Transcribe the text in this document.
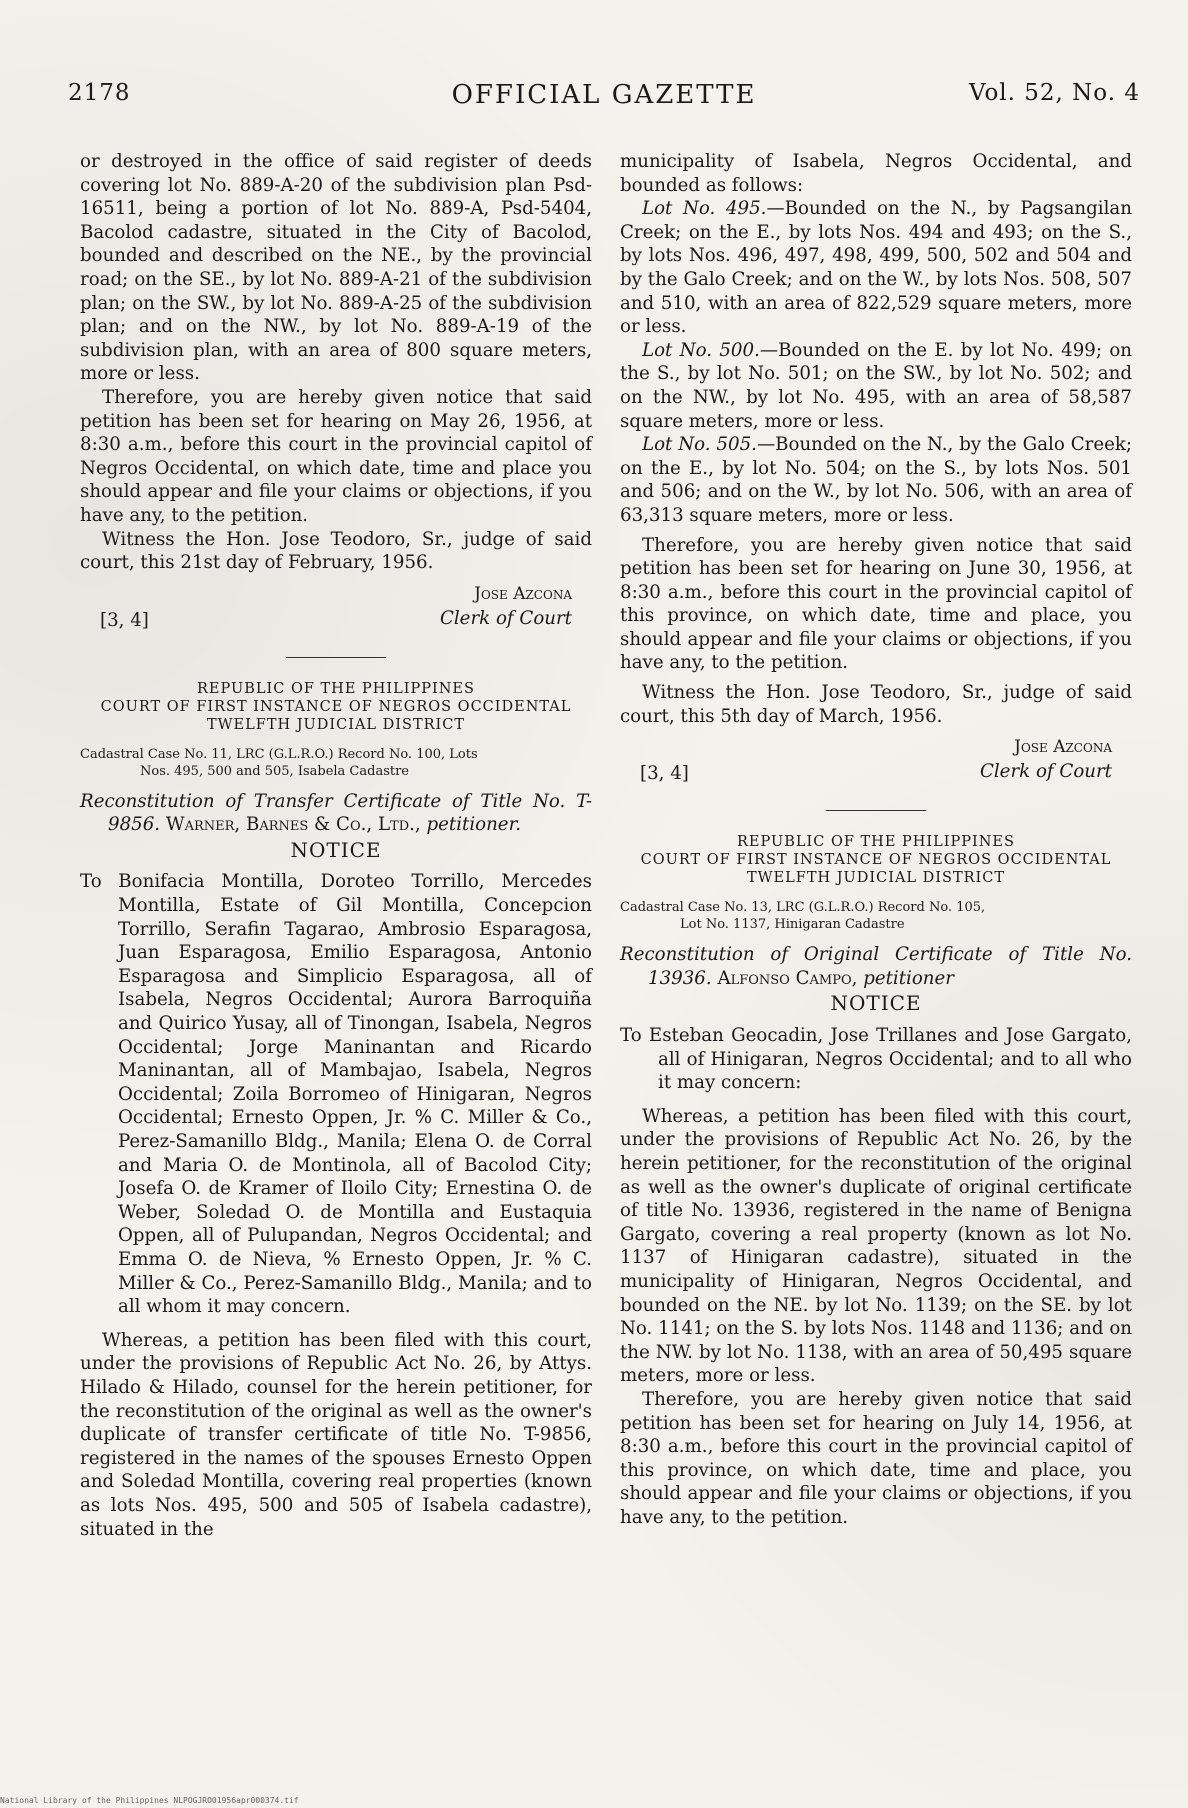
2178	OFFICIAL GAZETTE	Vol. 52, No. 4

or destroyed in the office of said register of deeds covering lot No. 889-A-20 of the subdivision plan Psd-16511, being a portion of lot No. 889-A, Psd-5404, Bacolod cadastre, situated in the City of Bacolod, bounded and described on the NE., by the provincial road; on the SE., by lot No. 889-A-21 of the subdivision plan; on the SW., by lot No. 889-A-25 of the subdivision plan; and on the NW., by lot No. 889-A-19 of the subdivision plan, with an area of 800 square meters, more or less.

Therefore, you are hereby given notice that said petition has been set for hearing on May 26, 1956, at 8:30 a.m., before this court in the provincial capitol of Negros Occidental, on which date, time and place you should appear and file your claims or objections, if you have any, to the petition.

Witness the Hon. Jose Teodoro, Sr., judge of said court, this 21st day of February, 1956.

Jose Azcona
Clerk of Court
[3, 4]
REPUBLIC OF THE PHILIPPINES
COURT OF FIRST INSTANCE OF NEGROS OCCIDENTAL
TWELFTH JUDICIAL DISTRICT
Cadastral Case No. 11, LRC (G.L.R.O.) Record No. 100, Lots
Nos. 495, 500 and 505, Isabela Cadastre

Reconstitution of Transfer Certificate of Title No. T-9856. Warner, Barnes & Co., Ltd., petitioner.

NOTICE

To Bonifacia Montilla, Doroteo Torrillo, Mercedes Montilla, Estate of Gil Montilla, Concepcion Torrillo, Serafin Tagarao, Ambrosio Esparagosa, Juan Esparagosa, Emilio Esparagosa, Antonio Esparagosa and Simplicio Esparagosa, all of Isabela, Negros Occidental; Aurora Barroquiña and Quirico Yusay, all of Tinongan, Isabela, Negros Occidental; Jorge Maninantan and Ricardo Maninantan, all of Mambajao, Isabela, Negros Occidental; Zoila Borromeo of Hinigaran, Negros Occidental; Ernesto Oppen, Jr. % C. Miller & Co., Perez-Samanillo Bldg., Manila; Elena O. de Corral and Maria O. de Montinola, all of Bacolod City; Josefa O. de Kramer of Iloilo City; Ernestina O. de Weber, Soledad O. de Montilla and Eustaquia Oppen, all of Pulupandan, Negros Occidental; and Emma O. de Nieva, % Ernesto Oppen, Jr. % C. Miller & Co., Perez-Samanillo Bldg., Manila; and to all whom it may concern.

Whereas, a petition has been filed with this court, under the provisions of Republic Act No. 26, by Attys. Hilado & Hilado, counsel for the herein petitioner, for the reconstitution of the original as well as the owner's duplicate of transfer certificate of title No. T-9856, registered in the names of the spouses Ernesto Oppen and Soledad Montilla, covering real properties (known as lots Nos. 495, 500 and 505 of Isabela cadastre), situated in the

municipality of Isabela, Negros Occidental, and bounded as follows:

Lot No. 495.—Bounded on the N., by Pagsangilan Creek; on the E., by lots Nos. 494 and 493; on the S., by lots Nos. 496, 497, 498, 499, 500, 502 and 504 and by the Galo Creek; and on the W., by lots Nos. 508, 507 and 510, with an area of 822,529 square meters, more or less.

Lot No. 500.—Bounded on the E. by lot No. 499; on the S., by lot No. 501; on the SW., by lot No. 502; and on the NW., by lot No. 495, with an area of 58,587 square meters, more or less.

Lot No. 505.—Bounded on the N., by the Galo Creek; on the E., by lot No. 504; on the S., by lots Nos. 501 and 506; and on the W., by lot No. 506, with an area of 63,313 square meters, more or less.

Therefore, you are hereby given notice that said petition has been set for hearing on June 30, 1956, at 8:30 a.m., before this court in the provincial capitol of this province, on which date, time and place, you should appear and file your claims or objections, if you have any, to the petition.

Witness the Hon. Jose Teodoro, Sr., judge of said court, this 5th day of March, 1956.

Jose Azcona
Clerk of Court
[3, 4]
REPUBLIC OF THE PHILIPPINES
COURT OF FIRST INSTANCE OF NEGROS OCCIDENTAL
TWELFTH JUDICIAL DISTRICT
Cadastral Case No. 13, LRC (G.L.R.O.) Record No. 105,
Lot No. 1137, Hinigaran Cadastre

Reconstitution of Original Certificate of Title No. 13936. Alfonso Campo, petitioner

NOTICE

To Esteban Geocadin, Jose Trillanes and Jose Gargato, all of Hinigaran, Negros Occidental; and to all who it may concern:

Whereas, a petition has been filed with this court, under the provisions of Republic Act No. 26, by the herein petitioner, for the reconstitution of the original as well as the owner's duplicate of original certificate of title No. 13936, registered in the name of Benigna Gargato, covering a real property (known as lot No. 1137 of Hinigaran cadastre), situated in the municipality of Hinigaran, Negros Occidental, and bounded on the NE. by lot No. 1139; on the SE. by lot No. 1141; on the S. by lots Nos. 1148 and 1136; and on the NW. by lot No. 1138, with an area of 50,495 square meters, more or less.

Therefore, you are hereby given notice that said petition has been set for hearing on July 14, 1956, at 8:30 a.m., before this court in the provincial capitol of this province, on which date, time and place, you should appear and file your claims or objections, if you have any, to the petition.

National Library of the Philippines NLPOGJRO01956apr000374.tif
